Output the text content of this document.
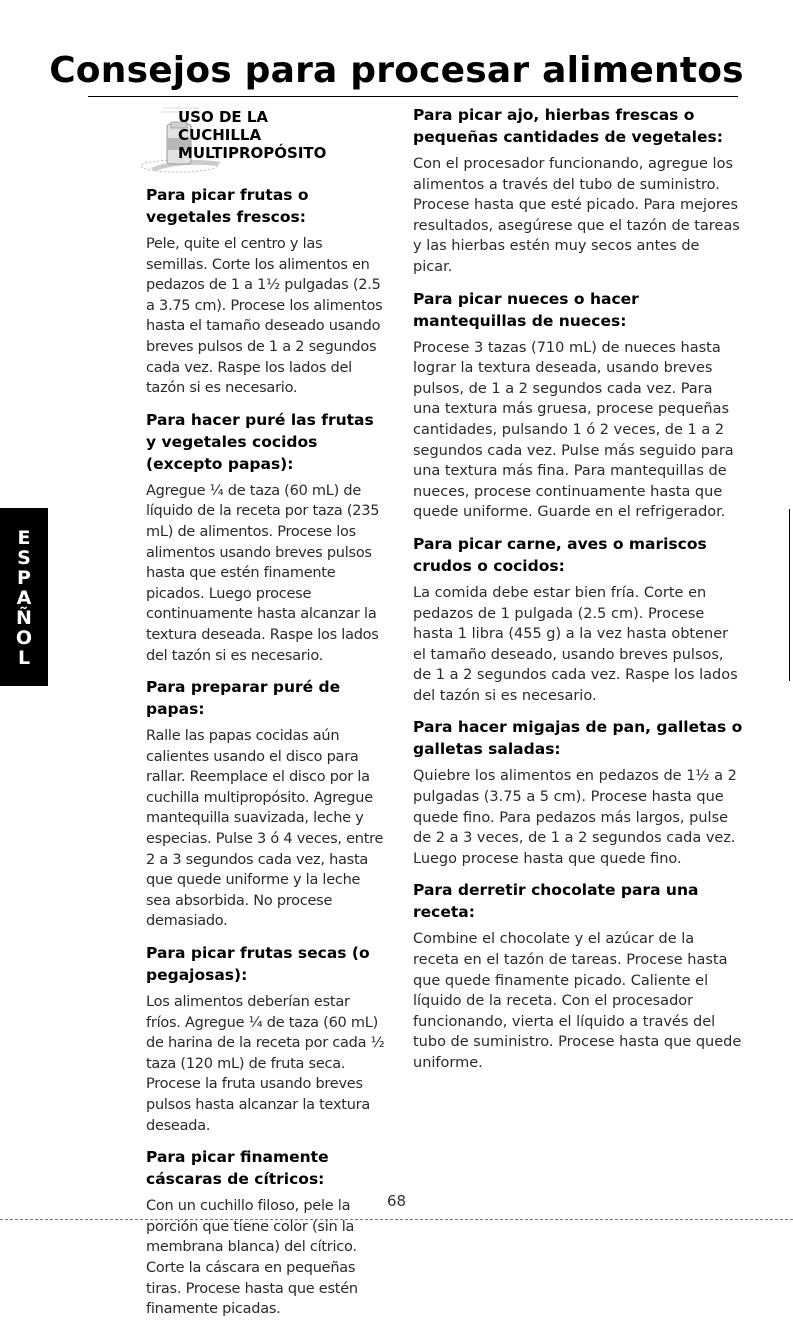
Consejos para procesar alimentos
USO DE LA
CUCHILLA
MULTIPROPÓSITO
Para picar frutas o vegetales frescos:

Pele, quite el centro y las semillas. Corte los alimentos en pedazos de 1 a 1½ pulgadas (2.5 a 3.75 cm). Procese los alimentos hasta el tamaño deseado usando breves pulsos de 1 a 2 segundos cada vez. Raspe los lados del tazón si es necesario.

Para hacer puré las frutas y vegetales cocidos (excepto papas):

Agregue ¼ de taza (60 mL) de líquido de la receta por taza (235 mL) de alimentos. Procese los alimentos usando breves pulsos hasta que estén finamente picados. Luego procese continuamente hasta alcanzar la textura deseada. Raspe los lados del tazón si es necesario.

Para preparar puré de papas:

Ralle las papas cocidas aún calientes usando el disco para rallar. Reemplace el disco por la cuchilla multipropósito. Agregue mantequilla suavizada, leche y especias. Pulse 3 ó 4 veces, entre 2 a 3 segundos cada vez, hasta que quede uniforme y la leche sea absorbida. No procese demasiado.

Para picar frutas secas (o pegajosas):

Los alimentos deberían estar fríos. Agregue ¼ de taza (60 mL) de harina de la receta por cada ½ taza (120 mL) de fruta seca. Procese la fruta usando breves pulsos hasta alcanzar la textura deseada.

Para picar finamente cáscaras de cítricos:

Con un cuchillo filoso, pele la porción que tiene color (sin la membrana blanca) del cítrico. Corte la cáscara en pequeñas tiras. Procese hasta que estén finamente picadas.

Para picar ajo, hierbas frescas o pequeñas cantidades de vegetales:

Con el procesador funcionando, agregue los alimentos a través del tubo de suministro. Procese hasta que esté picado. Para mejores resultados, asegúrese que el tazón de tareas y las hierbas estén muy secos antes de picar.

Para picar nueces o hacer mantequillas de nueces:

Procese 3 tazas (710 mL) de nueces hasta lograr la textura deseada, usando breves pulsos, de 1 a 2 segundos cada vez. Para una textura más gruesa, procese pequeñas cantidades, pulsando 1 ó 2 veces, de 1 a 2 segundos cada vez. Pulse más seguido para una textura más fina. Para mantequillas de nueces, procese continuamente hasta que quede uniforme. Guarde en el refrigerador.

Para picar carne, aves o mariscos crudos o cocidos:

La comida debe estar bien fría. Corte en pedazos de 1 pulgada (2.5 cm). Procese hasta 1 libra (455 g) a la vez hasta obtener el tamaño deseado, usando breves pulsos, de 1 a 2 segundos cada vez. Raspe los lados del tazón si es necesario.

Para hacer migajas de pan, galletas o galletas saladas:

Quiebre los alimentos en pedazos de 1½ a 2 pulgadas (3.75 a 5 cm). Procese hasta que quede fino. Para pedazos más largos, pulse de 2 a 3 veces, de 1 a 2 segundos cada vez. Luego procese hasta que quede fino.

Para derretir chocolate para una receta:

Combine el chocolate y el azúcar de la receta en el tazón de tareas. Procese hasta que quede finamente picado. Caliente el líquido de la receta. Con el procesador funcionando, vierta el líquido a través del tubo de suministro. Procese hasta que quede uniforme.

ESPAÑOL
68
